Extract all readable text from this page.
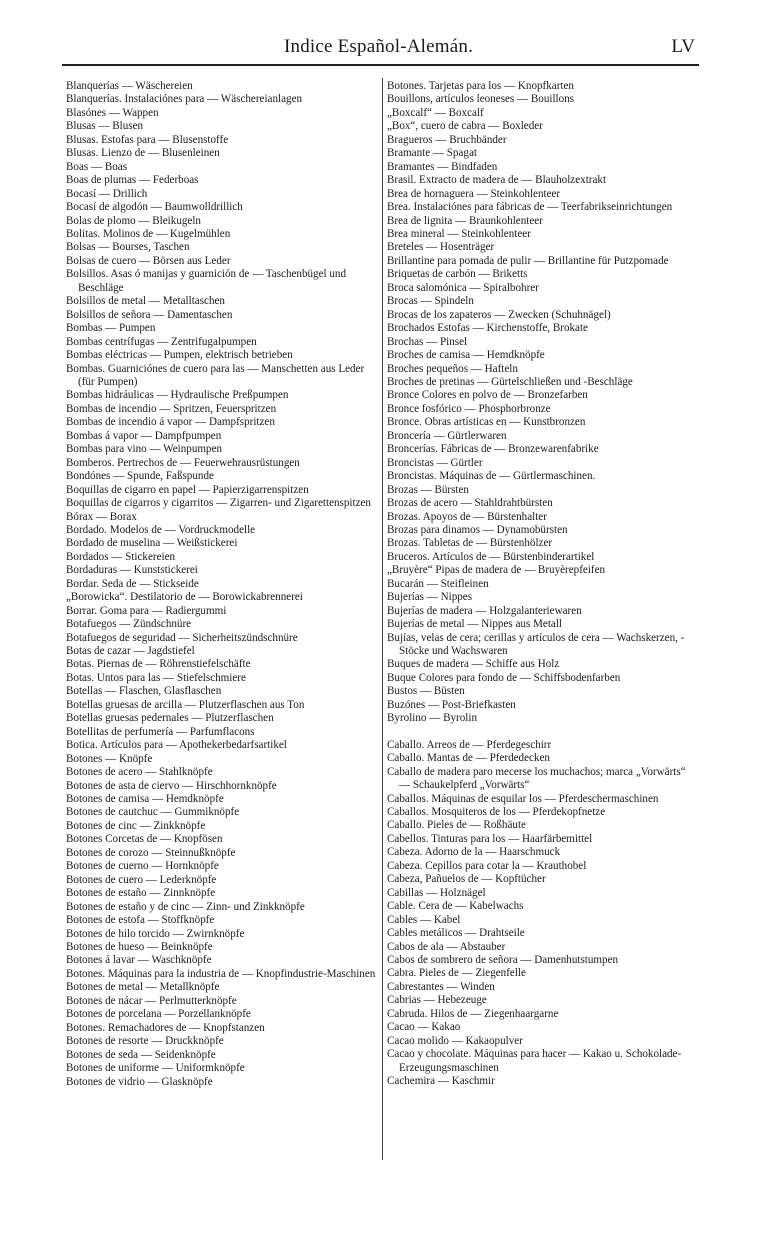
Indice Español-Alemán.	LV

Blanquerías — Wäschereien

Blanquerías. Instalaciónes para — Wäschereianlagen

Blasónes — Wappen

Blusas — Blusen

Blusas. Estofas para — Blusenstoffe

Blusas. Lienzo de — Blusenleinen

Boas — Boas

Boas de plumas — Federboas

Bocasí — Drillich

Bocasí de algodón — Baumwolldrillich

Bolas de plomo — Bleikugeln

Bolitas. Molinos de — Kugelmühlen

Bolsas — Bourses, Taschen

Bolsas de cuero — Börsen aus Leder

Bolsillos. Asas ó manijas y guarnición de — Taschenbügel und Beschläge

Bolsillos de metal — Metalltaschen

Bolsillos de señora — Damentaschen

Bombas — Pumpen

Bombas centrífugas — Zentrifugalpumpen

Bombas eléctricas — Pumpen, elektrisch betrieben

Bombas. Guarniciónes de cuero para las — Manschetten aus Leder (für Pumpen)

Bombas hidráulicas — Hydraulische Preßpumpen

Bombas de incendio — Spritzen, Feuerspritzen

Bombas de incendio á vapor — Dampfspritzen

Bombas á vapor — Dampfpumpen

Bombas para vino — Weinpumpen

Bomberos. Pertrechos de — Feuerwehrausrüstungen

Bondónes — Spunde, Faßspunde

Boquillas de cigarro en papel — Papierzigarrenspitzen

Boquillas de cigarros y cigarritos — Zigarren- und Zigarettenspitzen

Bórax — Borax

Bordado. Modelos de — Vordruckmodelle

Bordado de muselina — Weißstickerei

Bordados — Stickereien

Bordaduras — Kunststickerei

Bordar. Seda de — Stickseide

„Borowicka“. Destilatorio de — Borowickabrennerei

Borrar. Goma para — Radiergummi

Botafuegos — Zündschnüre

Botafuegos de seguridad — Sicherheitszündschnüre

Botas de cazar — Jagdstiefel

Botas. Piernas de — Röhrenstiefelschäfte

Botas. Untos para las — Stiefelschmiere

Botellas — Flaschen, Glasflaschen

Botellas gruesas de arcilla — Plutzerflaschen aus Ton

Botellas gruesas pedernales — Plutzerflaschen

Botellitas de perfumería — Parfumflacons

Botica. Artículos para — Apothekerbedarfsartikel

Botones — Knöpfe

Botones de acero — Stahlknöpfe

Botones de asta de ciervo — Hirschhornknöpfe

Botones de camisa — Hemdknöpfe

Botones de cautchuc — Gummiknöpfe

Botones de cinc — Zinkknöpfe

Botones Corcetas de — Knopfösen

Botones de corozo — Steinnußknöpfe

Botones de cuerno — Hornknöpfe

Botones de cuero — Lederknöpfe

Botones de estaño — Zinnknöpfe

Botones de estaño y de cinc — Zinn- und Zinkknöpfe

Botones de estofa — Stoffknöpfe

Botones de hilo torcido — Zwirnknöpfe

Botones de hueso — Beinknöpfe

Botones á lavar — Waschknöpfe

Botones. Máquinas para la industria de — Knopfindustrie-Maschinen

Botones de metal — Metallknöpfe

Botones de nácar — Perlmutterknöpfe

Botones de porcelana — Porzellanknöpfe

Botones. Remachadores de — Knopfstanzen

Botones de resorte — Druckknöpfe

Botones de seda — Seidenknöpfe

Botones de uniforme — Uniformknöpfe

Botones de vidrio — Glasknöpfe

Botones. Tarjetas para los — Knopfkarten

Bouillons, artículos leoneses — Bouillons

„Boxcalf“ — Boxcalf

„Box“, cuero de cabra — Boxleder

Bragueros — Bruchbänder

Bramante — Spagat

Bramantes — Bindfaden

Brasil. Extracto de madera de — Blauholzextrakt

Brea de hornaguera — Steinkohlenteer

Brea. Instalaciónes para fábricas de — Teerfabrikseinrichtungen

Brea de lignita — Braunkohlenteer

Brea mineral — Steinkohlenteer

Breteles — Hosenträger

Brillantine para pomada de pulir — Brillantine für Putzpomade

Briquetas de carbón — Briketts

Broca salomónica — Spiralbohrer

Brocas — Spindeln

Brocas de los zapateros — Zwecken (Schuhnägel)

Brochados Estofas — Kirchenstoffe, Brokate

Brochas — Pinsel

Broches de camisa — Hemdknöpfe

Broches pequeños — Hafteln

Broches de pretinas — Gürtelschließen und -Beschläge

Bronce Colores en polvo de — Bronzefarben

Bronce fosfórico — Phosphorbronze

Bronce. Obras artísticas en — Kunstbronzen

Broncería — Gürtlerwaren

Broncerías. Fábricas de — Bronzewarenfabrike

Broncistas — Gürtler

Broncistas. Máquinas de — Gürtlermaschinen.

Brozas — Bürsten

Brozas de acero — Stahldrahtbürsten

Brozas. Apoyos de — Bürstenhalter

Brozas para dinamos — Dynamobürsten

Brozas. Tabletas de — Bürstenhölzer

Bruceros. Artículos de — Bürstenbinderartikel

„Bruyère“ Pipas de madera de — Bruyèrepfeifen

Bucarán — Steifleinen

Bujerías — Nippes

Bujerías de madera — Holzgalanteriewaren

Bujerías de metal — Nippes aus Metall

Bujías, velas de cera; cerillas y artículos de cera — Wachskerzen, -Stöcke und Wachswaren

Buques de madera — Schiffe aus Holz

Buque Colores para fondo de — Schiffsbodenfarben

Bustos — Büsten

Buzónes — Post-Briefkasten

Byrolino — Byrolin

Caballo. Arreos de — Pferdegeschirr

Caballo. Mantas de — Pferdedecken

Caballo de madera paro mecerse los muchachos; marca „Vorwärts“ — Schaukelpferd „Vorwärts“

Caballos. Máquinas de esquilar los — Pferdeschermaschinen

Caballos. Mosquiteros de los — Pferdekopfnetze

Caballo. Pieles de — Roßhäute

Cabellos. Tinturas para los — Haarfärbemittel

Cabeza. Adorno de la — Haarschmuck

Cabeza. Cepillos para cotar la — Krauthobel

Cabeza, Pañuelos de — Kopftücher

Cabillas — Holznägel

Cable. Cera de — Kabelwachs

Cables — Kabel

Cables metálicos — Drahtseile

Cabos de ala — Abstauber

Cabos de sombrero de señora — Damenhutstumpen

Cabra. Pieles de — Ziegenfelle

Cabrestantes — Winden

Cabrias — Hebezeuge

Cabruda. Hilos de — Ziegenhaargarne

Cacao — Kakao

Cacao molido — Kakaopulver

Cacao y chocolate. Máquinas para hacer — Kakao u. Schokolade-Erzeugungsmaschinen

Cachemira — Kaschmir
